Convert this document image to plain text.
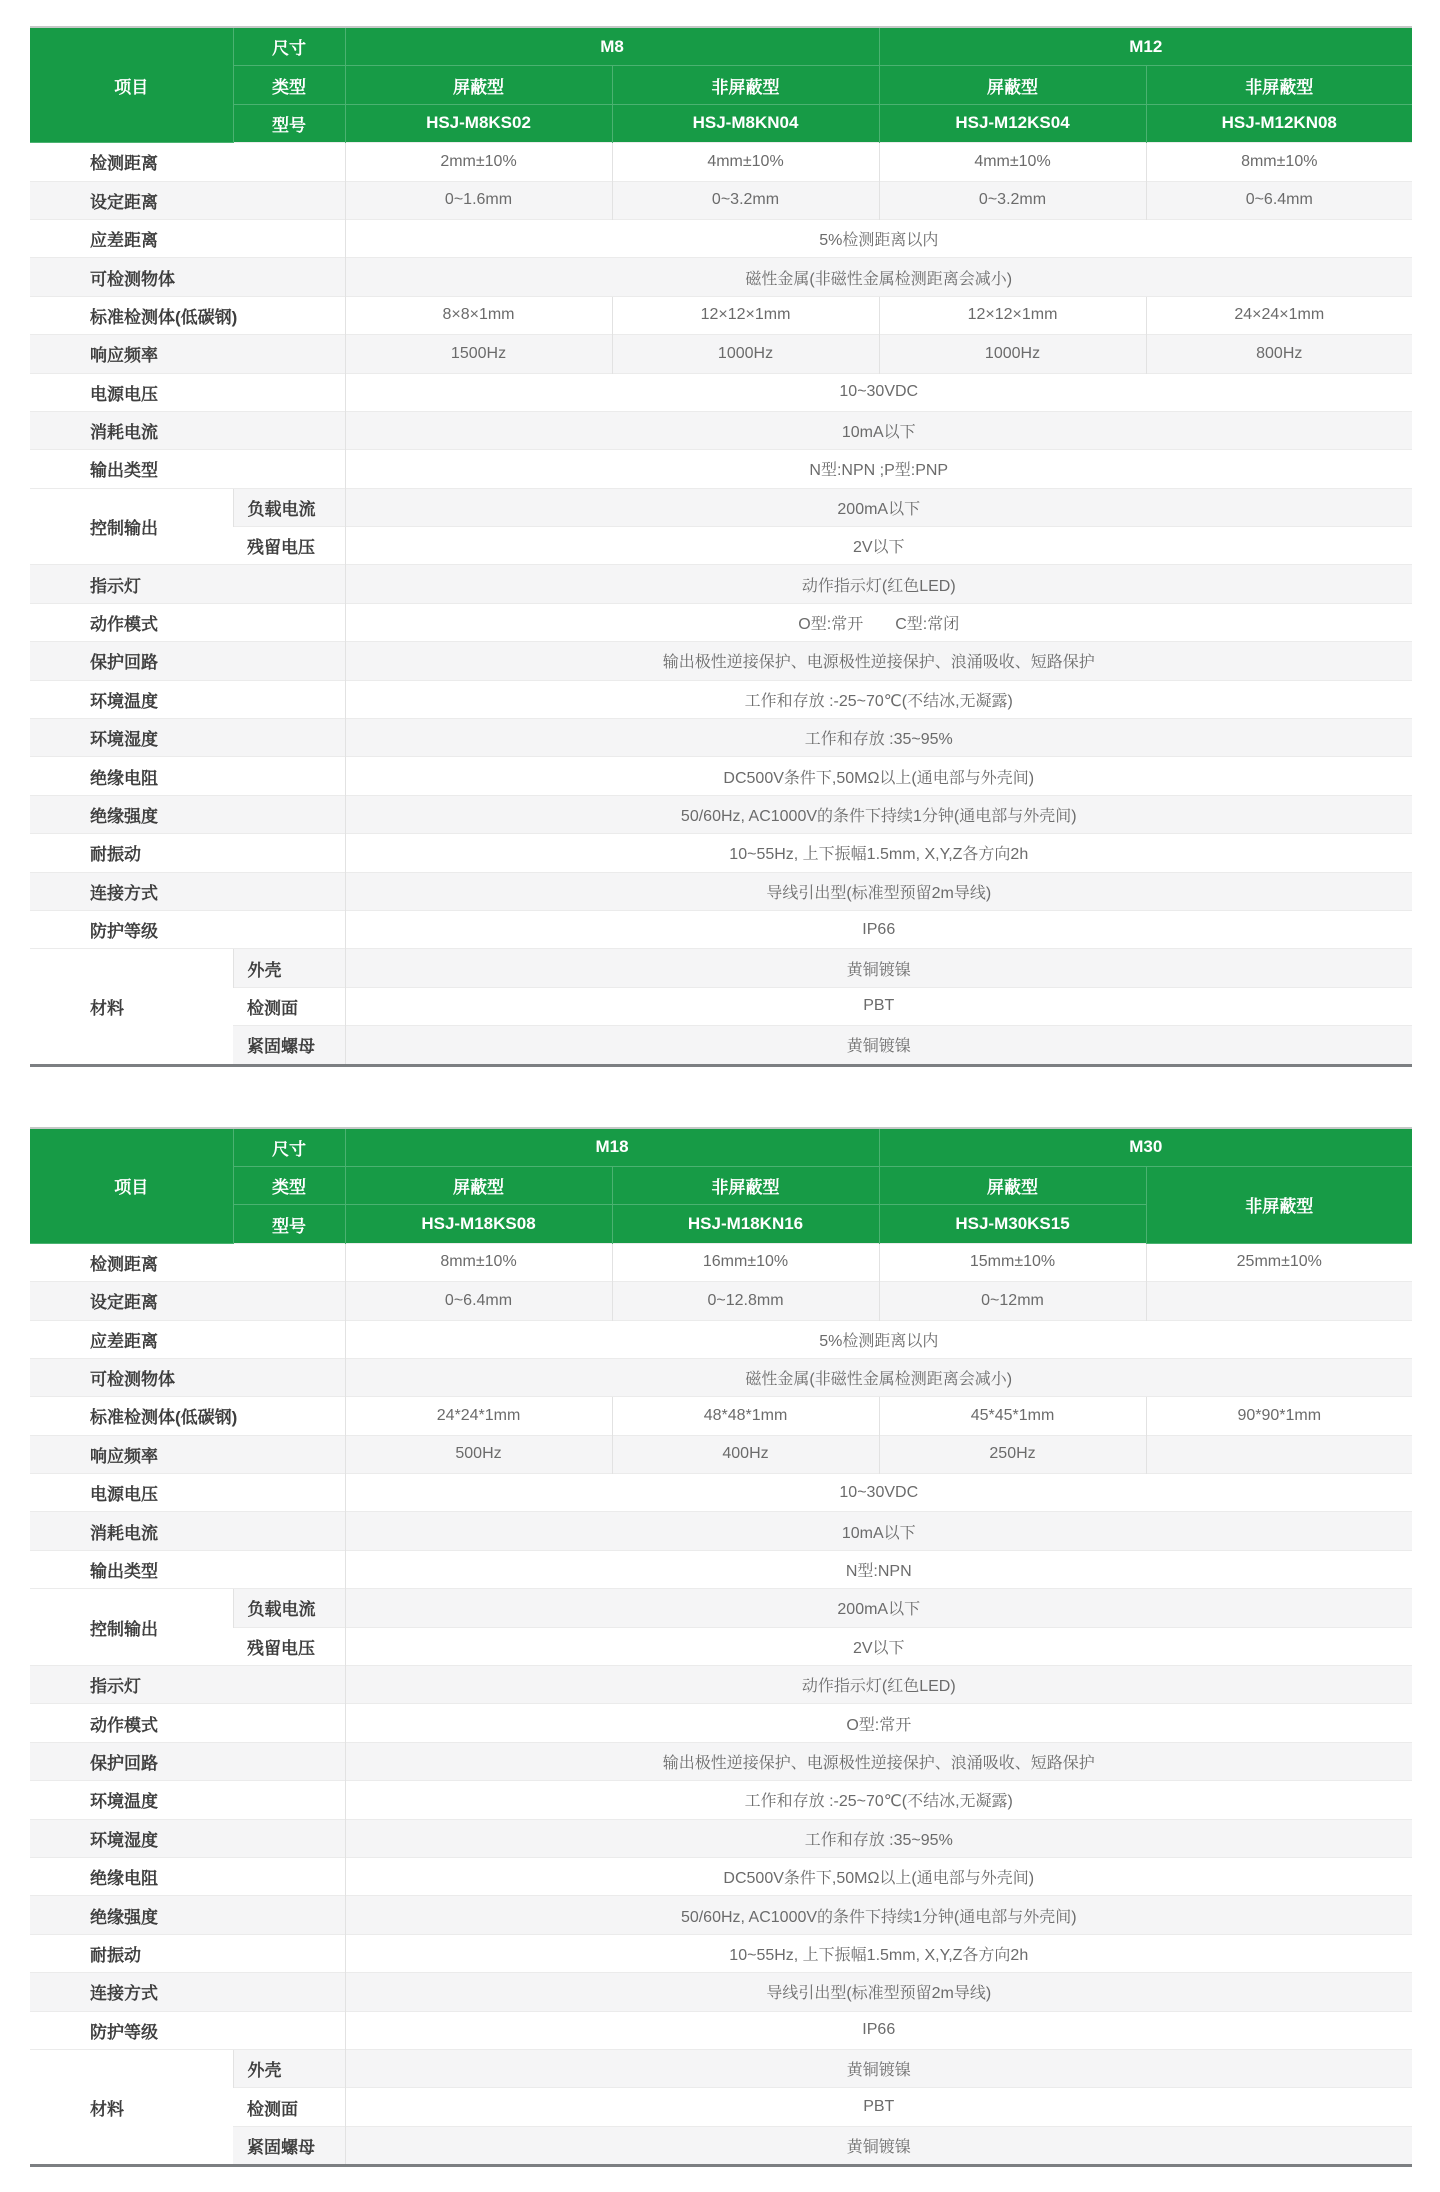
项目	尺寸	M8		M12	
	类型	屏蔽型	非屏蔽型	屏蔽型	非屏蔽型
	型号	HSJ-M8KS02	HSJ-M8KN04	HSJ-M12KS04	HSJ-M12KN08
检测距离		2mm±10%	4mm±10%	4mm±10%	8mm±10%
设定距离		0~1.6mm	0~3.2mm	0~3.2mm	0~6.4mm
应差距离		5%检测距离以内			
可检测物体		磁性金属(非磁性金属检测距离会减小)			
标准检测体(低碳钢)		8×8×1mm	12×12×1mm	12×12×1mm	24×24×1mm
响应频率		1500Hz	1000Hz	1000Hz	800Hz
电源电压		10~30VDC			
消耗电流		10mA以下			
输出类型		N型:NPN ;P型:PNP			
控制输出	负载电流	200mA以下			
	残留电压	2V以下			
指示灯		动作指示灯(红色LED)			
动作模式		O型:常开　　C型:常闭			
保护回路		输出极性逆接保护、电源极性逆接保护、浪涌吸收、短路保护			
环境温度		工作和存放 :-25~70℃(不结冰,无凝露)			
环境湿度		工作和存放 :35~95%			
绝缘电阻		DC500V条件下,50MΩ以上(通电部与外壳间)			
绝缘强度		50/60Hz, AC1000V的条件下持续1分钟(通电部与外壳间)			
耐振动		10~55Hz, 上下振幅1.5mm, X,Y,Z各方向2h			
连接方式		导线引出型(标准型预留2m导线)			
防护等级		IP66			
材料	外壳	黄铜镀镍			
	检测面	PBT			
	紧固螺母	黄铜镀镍			
项目	尺寸	M18		M30	
	类型	屏蔽型	非屏蔽型	屏蔽型	非屏蔽型
	型号	HSJ-M18KS08	HSJ-M18KN16	HSJ-M30KS15	
检测距离		8mm±10%	16mm±10%	15mm±10%	25mm±10%
设定距离		0~6.4mm	0~12.8mm	0~12mm	
应差距离		5%检测距离以内			
可检测物体		磁性金属(非磁性金属检测距离会减小)			
标准检测体(低碳钢)		24*24*1mm	48*48*1mm	45*45*1mm	90*90*1mm
响应频率		500Hz	400Hz	250Hz	
电源电压		10~30VDC			
消耗电流		10mA以下			
输出类型		N型:NPN			
控制输出	负载电流	200mA以下			
	残留电压	2V以下			
指示灯		动作指示灯(红色LED)			
动作模式		O型:常开			
保护回路		输出极性逆接保护、电源极性逆接保护、浪涌吸收、短路保护			
环境温度		工作和存放 :-25~70℃(不结冰,无凝露)			
环境湿度		工作和存放 :35~95%			
绝缘电阻		DC500V条件下,50MΩ以上(通电部与外壳间)			
绝缘强度		50/60Hz, AC1000V的条件下持续1分钟(通电部与外壳间)			
耐振动		10~55Hz, 上下振幅1.5mm, X,Y,Z各方向2h			
连接方式		导线引出型(标准型预留2m导线)			
防护等级		IP66			
材料	外壳	黄铜镀镍			
	检测面	PBT			
	紧固螺母	黄铜镀镍			
